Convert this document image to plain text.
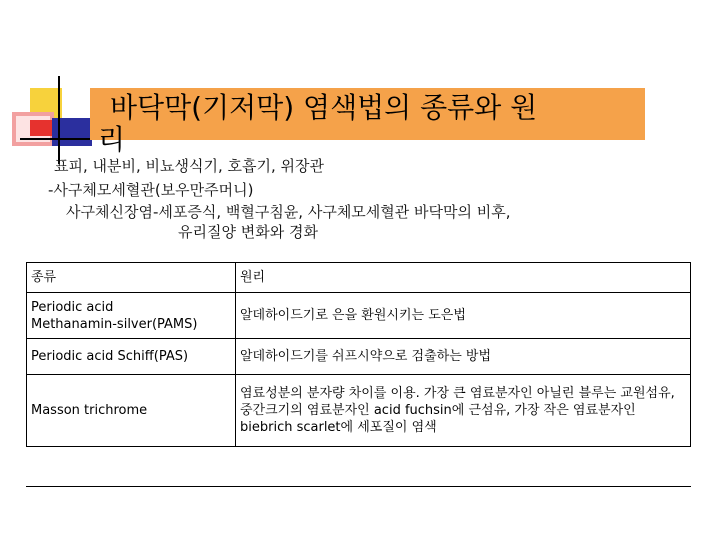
바닥막(기저막) 염색법의 종류와 원
리
표피, 내분비, 비뇨생식기, 호흡기, 위장관
-사구체모세혈관(보우만주머니)
사구체신장염-세포증식, 백혈구침윤, 사구체모세혈관 바닥막의 비후,
유리질양 변화와 경화
종류	원리

Periodic acid
Methanamin-silver(PAMS)	알데하이드기로 은을 환원시키는 도은법
Periodic acid Schiff(PAS)	알데하이드기를 쉬프시약으로 검출하는 방법
Masson trichrome	염료성분의 분자량 차이를 이용. 가장 큰 염료분자인 아닐린 블루는 교원섬유, 중간크기의 염료분자인 acid fuchsin에 근섬유, 가장 작은 염료분자인 biebrich scarlet에 세포질이 염색
